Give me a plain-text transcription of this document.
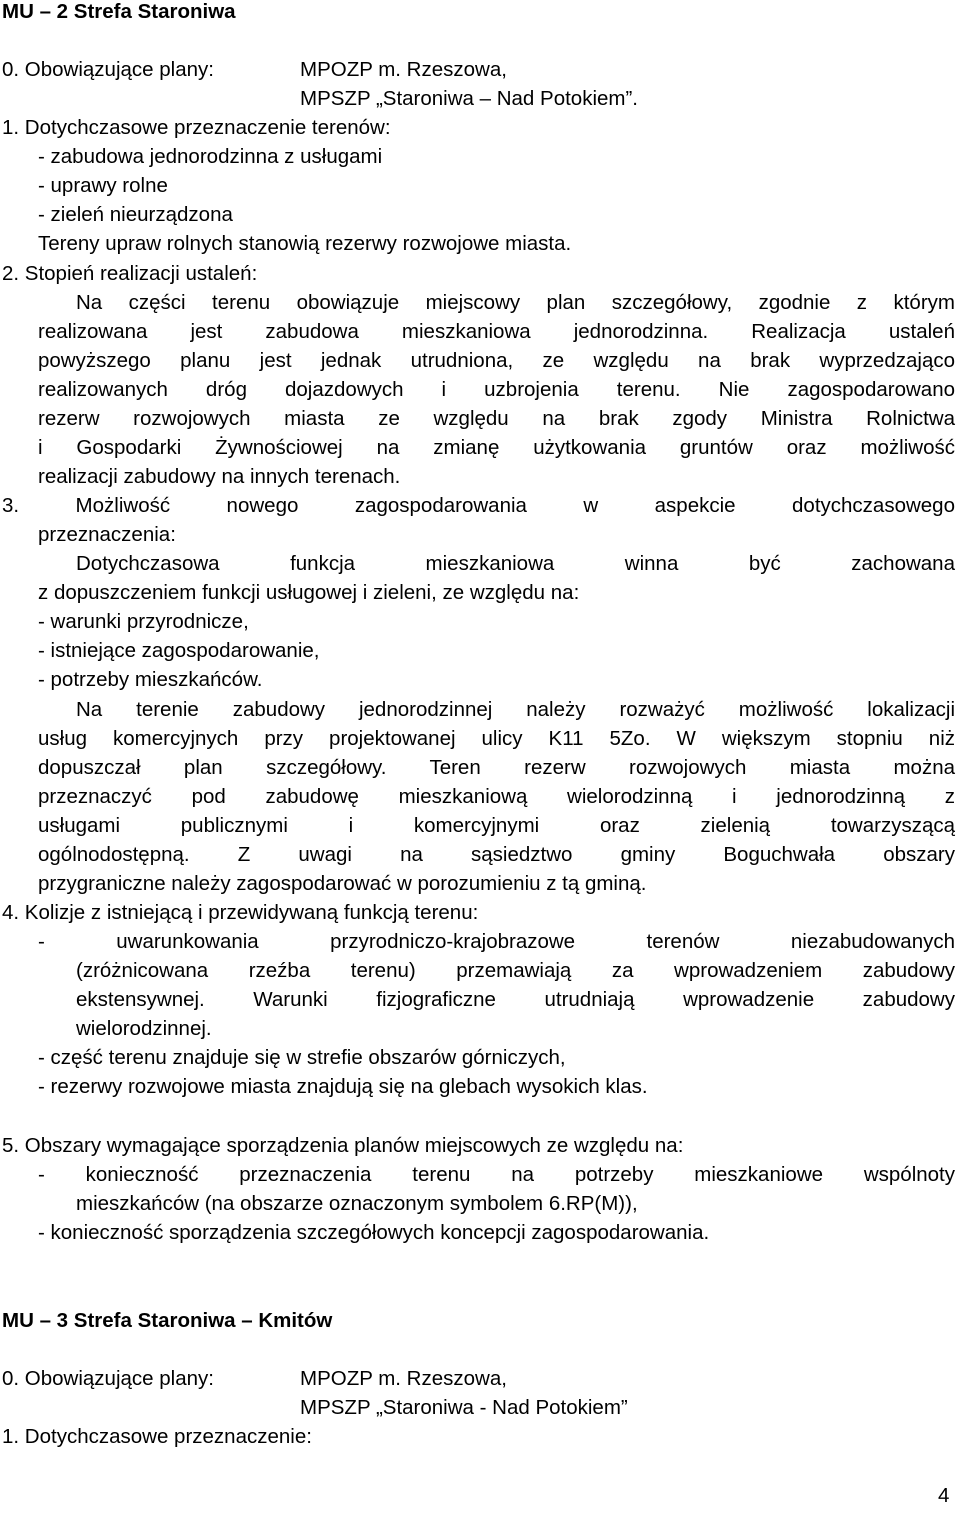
MU – 2 Strefa Staroniwa
0. Obowiązujące plany:	MPOZP m. Rzeszowa,
MPSZP „Staroniwa – Nad Potokiem”.
1. Dotychczasowe przeznaczenie terenów:
- zabudowa jednorodzinna z usługami
- uprawy rolne
- zieleń nieurządzona
Tereny upraw rolnych stanowią rezerwy rozwojowe miasta.
2. Stopień realizacji ustaleń:
Na części terenu obowiązuje miejscowy plan szczegółowy, zgodnie z którym
realizowana jest zabudowa mieszkaniowa jednorodzinna. Realizacja ustaleń
powyższego planu jest jednak utrudniona, ze względu na brak wyprzedzająco
realizowanych dróg dojazdowych i uzbrojenia terenu. Nie zagospodarowano
rezerw rozwojowych miasta ze względu na brak zgody Ministra Rolnictwa
i Gospodarki Żywnościowej na zmianę użytkowania gruntów oraz możliwość
realizacji zabudowy na innych terenach.
3. Możliwość nowego zagospodarowania w aspekcie dotychczasowego
przeznaczenia:
Dotychczasowa funkcja mieszkaniowa winna być zachowana
z dopuszczeniem funkcji usługowej i zieleni, ze względu na:
- warunki przyrodnicze,
- istniejące zagospodarowanie,
- potrzeby mieszkańców.
Na terenie zabudowy jednorodzinnej należy rozważyć możliwość lokalizacji
usług komercyjnych przy projektowanej ulicy K11 5Zo. W większym stopniu niż
dopuszczał plan szczegółowy. Teren rezerw rozwojowych miasta można
przeznaczyć pod zabudowę mieszkaniową wielorodzinną i jednorodzinną z
usługami publicznymi i komercyjnymi oraz zielenią towarzyszącą
ogólnodostępną. Z uwagi na sąsiedztwo gminy Boguchwała obszary
przygraniczne należy zagospodarować w porozumieniu z tą gminą.
4. Kolizje z istniejącą i przewidywaną funkcją terenu:
- uwarunkowania przyrodniczo-krajobrazowe terenów niezabudowanych
(zróżnicowana rzeźba terenu) przemawiają za wprowadzeniem zabudowy
ekstensywnej. Warunki fizjograficzne utrudniają wprowadzenie zabudowy
wielorodzinnej.
- część terenu znajduje się w strefie obszarów górniczych,
- rezerwy rozwojowe miasta znajdują się na glebach wysokich klas.
5. Obszary wymagające sporządzenia planów miejscowych ze względu na:
- konieczność przeznaczenia terenu na potrzeby mieszkaniowe wspólnoty
mieszkańców (na obszarze oznaczonym symbolem 6.RP(M)),
- konieczność sporządzenia szczegółowych koncepcji zagospodarowania.
MU – 3 Strefa Staroniwa – Kmitów
0. Obowiązujące plany:	MPOZP m. Rzeszowa,
MPSZP „Staroniwa - Nad Potokiem”
1. Dotychczasowe przeznaczenie:
4
